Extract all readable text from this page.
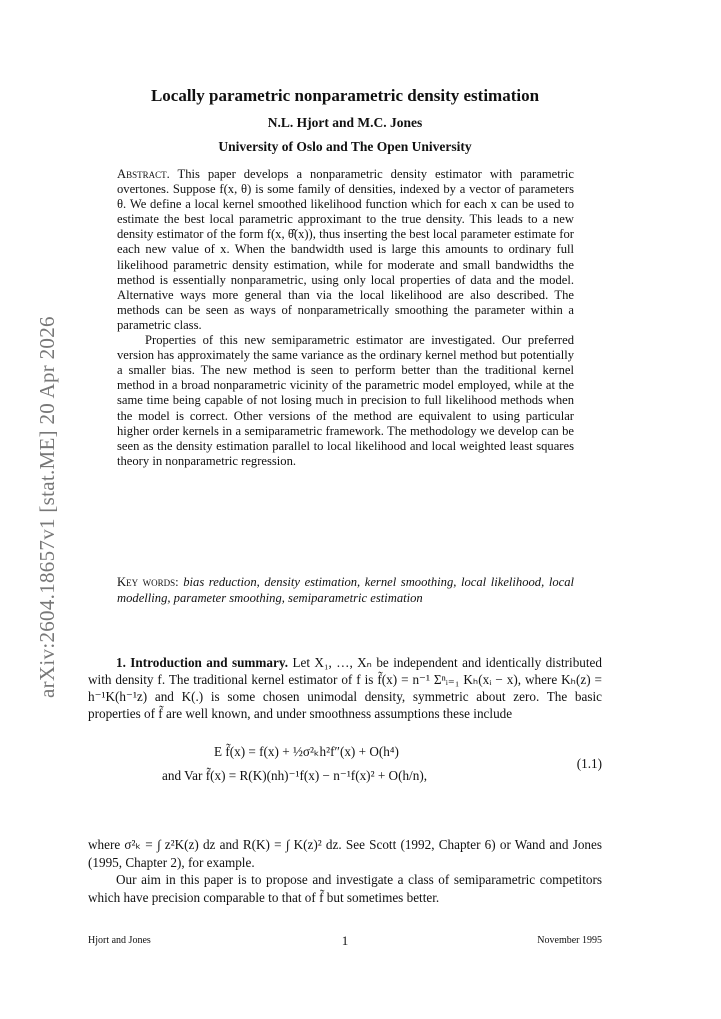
arXiv:2604.18657v1 [stat.ME] 20 Apr 2026
Locally parametric nonparametric density estimation
N.L. Hjort and M.C. Jones
University of Oslo and The Open University

Abstract. This paper develops a nonparametric density estimator with parametric overtones. Suppose f(x, θ) is some family of densities, indexed by a vector of parameters θ. We define a local kernel smoothed likelihood function which for each x can be used to estimate the best local parametric approximant to the true density. This leads to a new density estimator of the form f(x, θ̂(x)), thus inserting the best local parameter estimate for each new value of x. When the bandwidth used is large this amounts to ordinary full likelihood parametric density estimation, while for moderate and small bandwidths the method is essentially nonparametric, using only local properties of data and the model. Alternative ways more general than via the local likelihood are also described. The methods can be seen as ways of nonparametrically smoothing the parameter within a parametric class.

Properties of this new semiparametric estimator are investigated. Our preferred version has approximately the same variance as the ordinary kernel method but potentially a smaller bias. The new method is seen to perform better than the traditional kernel method in a broad nonparametric vicinity of the parametric model employed, while at the same time being capable of not losing much in precision to full likelihood methods when the model is correct. Other versions of the method are equivalent to using particular higher order kernels in a semiparametric framework. The methodology we develop can be seen as the density estimation parallel to local likelihood and local weighted least squares theory in nonparametric regression.

Key words: bias reduction, density estimation, kernel smoothing, local likelihood, local modelling, parameter smoothing, semiparametric estimation

1. Introduction and summary. Let X₁, …, Xₙ be independent and identically distributed with density f. The traditional kernel estimator of f is f̃(x) = n⁻¹ Σⁿᵢ₌₁ Kₕ(xᵢ − x), where Kₕ(z) = h⁻¹K(h⁻¹z) and K(.) is some chosen unimodal density, symmetric about zero. The basic properties of f̃ are well known, and under smoothness assumptions these include

E f̃(x) = f(x) + ½σ²ₖh²f″(x) + O(h⁴)
and Var f̃(x) = R(K)(nh)⁻¹f(x) − n⁻¹f(x)² + O(h/n),
(1.1)

where σ²ₖ = ∫ z²K(z) dz and R(K) = ∫ K(z)² dz. See Scott (1992, Chapter 6) or Wand and Jones (1995, Chapter 2), for example.

Our aim in this paper is to propose and investigate a class of semiparametric competitors which have precision comparable to that of f̃ but sometimes better.

Hjort and Jones	1	November 1995
